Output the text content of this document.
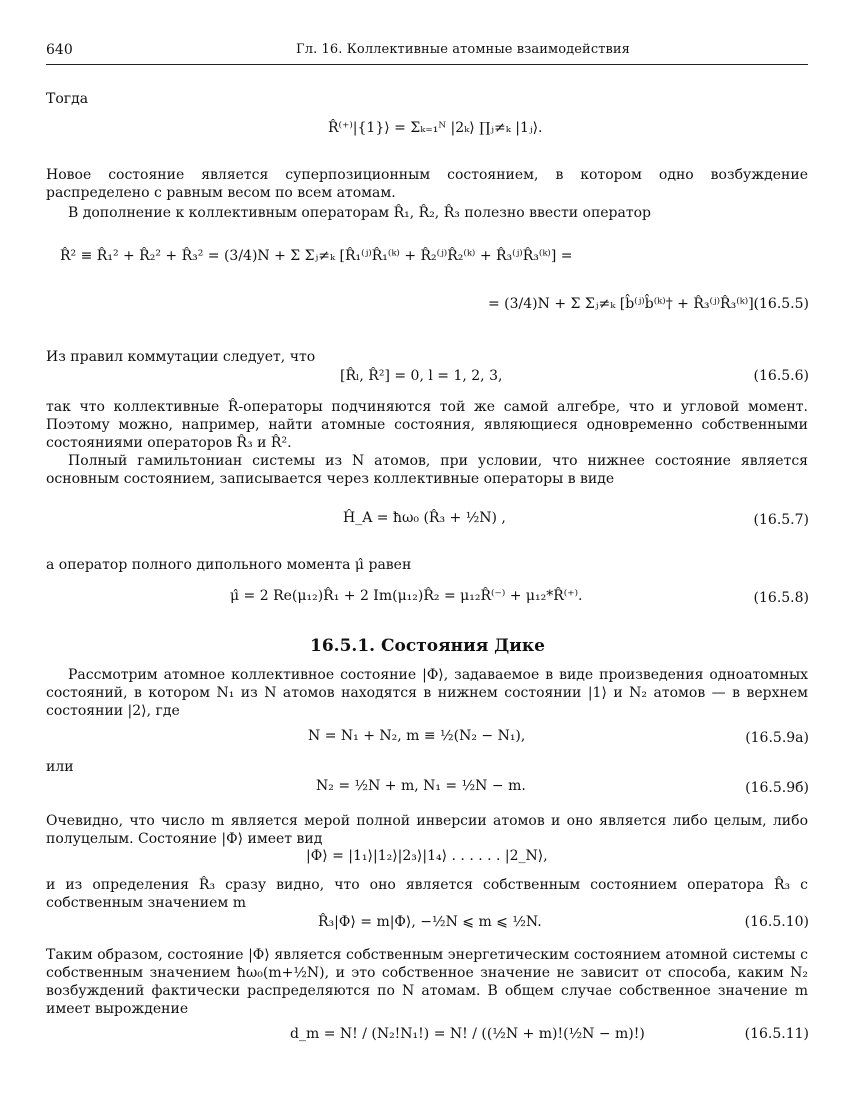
640	Гл. 16. Коллективные атомные взаимодействия
Тогда
R̂⁽⁺⁾|{1}⟩ = Σₖ₌₁ᴺ |2ₖ⟩ ∏ⱼ≠ₖ |1ⱼ⟩.
Новое состояние является суперпозиционным состоянием, в котором одно возбуждение распределено с равным весом по всем атомам.
В дополнение к коллективным операторам R̂₁, R̂₂, R̂₃ полезно ввести оператор
R̂² ≡ R̂₁² + R̂₂² + R̂₃² = (3/4)N + Σ Σⱼ≠ₖ [R̂₁⁽ʲ⁾R̂₁⁽ᵏ⁾ + R̂₂⁽ʲ⁾R̂₂⁽ᵏ⁾ + R̂₃⁽ʲ⁾R̂₃⁽ᵏ⁾] =
= (3/4)N + Σ Σⱼ≠ₖ [b̂⁽ʲ⁾b̂⁽ᵏ⁾† + R̂₃⁽ʲ⁾R̂₃⁽ᵏ⁾].
(16.5.5)
Из правил коммутации следует, что
[R̂ₗ, R̂²] = 0, l = 1, 2, 3,	(16.5.6)
так что коллективные R̂-операторы подчиняются той же самой алгебре, что и угловой момент. Поэтому можно, например, найти атомные состояния, являющиеся одновременно собственными состояниями операторов R̂₃ и R̂².
Полный гамильтониан системы из N атомов, при условии, что нижнее состояние является основным состоянием, записывается через коллективные операторы в виде
Ĥ_A = ħω₀ (R̂₃ + ½N) ,	(16.5.7)
а оператор полного дипольного момента μ̂ равен
μ̂ = 2 Re(μ₁₂)R̂₁ + 2 Im(μ₁₂)R̂₂ = μ₁₂R̂⁽⁻⁾ + μ₁₂*R̂⁽⁺⁾.	(16.5.8)
16.5.1. Состояния Дике
Рассмотрим атомное коллективное состояние |Φ⟩, задаваемое в виде произведения одноатомных состояний, в котором N₁ из N атомов находятся в нижнем состоянии |1⟩ и N₂ атомов — в верхнем состоянии |2⟩, где
N = N₁ + N₂, m ≡ ½(N₂ − N₁),	(16.5.9а)
или
N₂ = ½N + m, N₁ = ½N − m.	(16.5.9б)
Очевидно, что число m является мерой полной инверсии атомов и оно является либо целым, либо полуцелым. Состояние |Φ⟩ имеет вид
|Φ⟩ = |1₁⟩|1₂⟩|2₃⟩|1₄⟩ . . . . . . |2_N⟩,
и из определения R̂₃ сразу видно, что оно является собственным состоянием оператора R̂₃ с собственным значением m
R̂₃|Φ⟩ = m|Φ⟩, −½N ⩽ m ⩽ ½N.	(16.5.10)
Таким образом, состояние |Φ⟩ является собственным энергетическим состоянием атомной системы с собственным значением ħω₀(m+½N), и это собственное значение не зависит от способа, каким N₂ возбуждений фактически распределяются по N атомам. В общем случае собственное значение m имеет вырождение
d_m = N! / (N₂!N₁!) = N! / ((½N + m)!(½N − m)!)	(16.5.11)
